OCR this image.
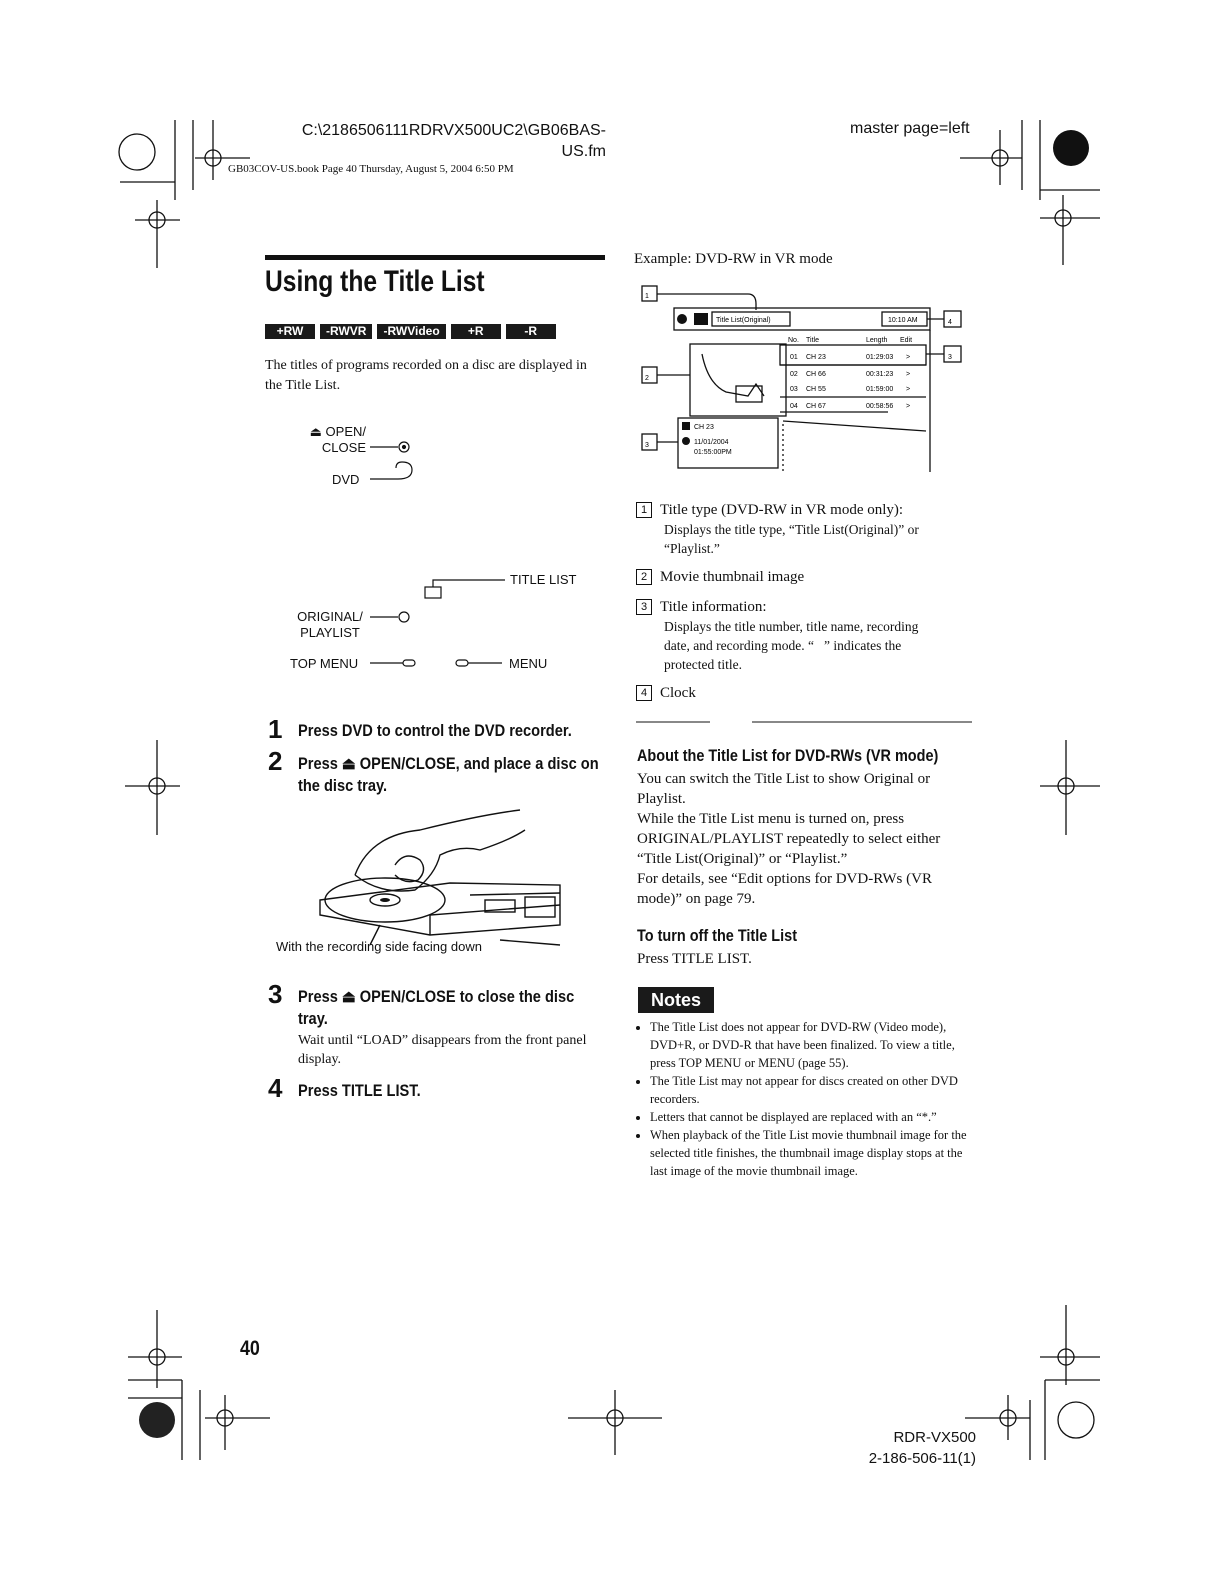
C:\2186506111RDRVX500UC2\GB06BAS-
US.fm
GB03COV-US.book Page 40 Thursday, August 5, 2004 6:50 PM
master page=left
Using the Title List
+RW	-RWVR	-RWVideo	+R	-R
The titles of programs recorded on a disc are displayed in the Title List.
⏏ OPEN/
CLOSE
DVD
TITLE LIST
ORIGINAL/
PLAYLIST
TOP MENU	MENU
1 Press DVD to control the DVD recorder.
2 Press ⏏ OPEN/CLOSE, and place a disc on
the disc tray.
With the recording side facing down
3 Press ⏏ OPEN/CLOSE to close the disc
tray.
Wait until “LOAD” disappears from the front panel display.
4 Press TITLE LIST.
40
Example: DVD-RW in VR mode
1
2
3
3
4
Title List(Original)	10:10 AM
No. Title	Length Edit
01 CH 23	01:29:03 >
02 CH 66	00:31:23 >
03 CH 55	01:59:00 >
04 CH 67	00:58:56 >
CH 23
11/01/2004
01:55:00PM
1 Title type (DVD-RW in VR mode only):
Displays the title type, “Title List(Original)” or “Playlist.”
2 Movie thumbnail image
3 Title information:
Displays the title number, title name, recording date, and recording mode. “   ” indicates the protected title.
4 Clock
About the Title List for DVD-RWs (VR mode)
You can switch the Title List to show Original or Playlist.
While the Title List menu is turned on, press ORIGINAL/PLAYLIST repeatedly to select either “Title List(Original)” or “Playlist.”
For details, see “Edit options for DVD-RWs (VR mode)” on page 79.
To turn off the Title List
Press TITLE LIST.
Notes
• The Title List does not appear for DVD-RW (Video mode), DVD+R, or DVD-R that have been finalized. To view a title, press TOP MENU or MENU (page 55).
• The Title List may not appear for discs created on other DVD recorders.
• Letters that cannot be displayed are replaced with an “*.”
• When playback of the Title List movie thumbnail image for the selected title finishes, the thumbnail image display stops at the last image of the movie thumbnail image.
RDR-VX500
2-186-506-11(1)
